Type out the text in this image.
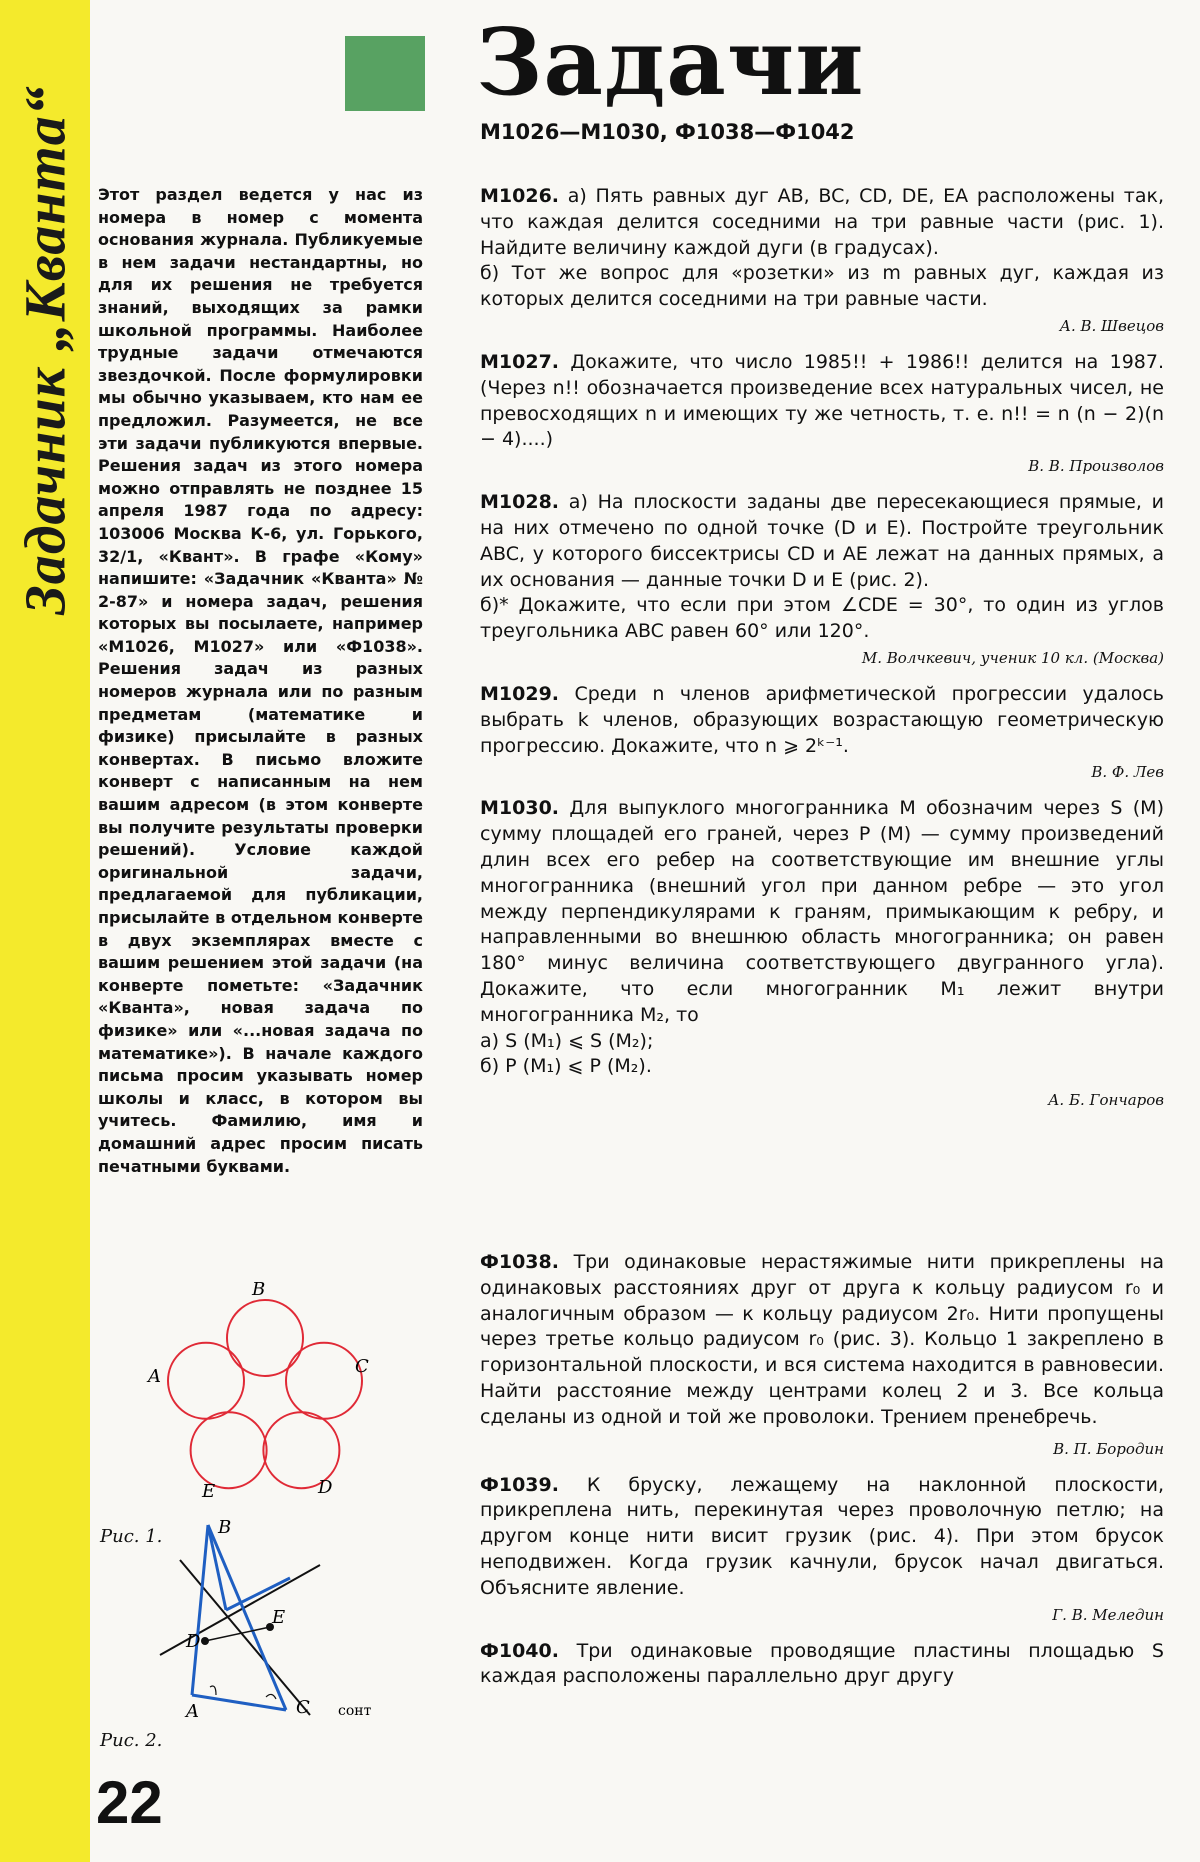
Задачник „Кванта“
22
Задачи
М1026—М1030, Ф1038—Ф1042

Этот раздел ведется у нас из номера в номер с момента основания журнала. Публикуемые в нем задачи нестандартны, но для их решения не требуется знаний, выходящих за рамки школьной программы. Наиболее трудные задачи отмечаются звездочкой. После формулировки мы обычно указываем, кто нам ее предложил. Разумеется, не все эти задачи публикуются впервые. Решения задач из этого номера можно отправлять не позднее 15 апреля 1987 года по адресу: 103006 Москва К-6, ул. Горького, 32/1, «Квант». В графе «Кому» напишите: «Задачник «Кванта» № 2-87» и номера задач, решения которых вы посылаете, например «М1026, М1027» или «Ф1038». Решения задач из разных номеров журнала или по разным предметам (математике и физике) присылайте в разных конвертах. В письмо вложите конверт с написанным на нем вашим адресом (в этом конверте вы получите результаты проверки решений). Условие каждой оригинальной задачи, предлагаемой для публикации, присылайте в отдельном конверте в двух экземплярах вместе с вашим решением этой задачи (на конверте пометьте: «Задачник «Кванта», новая задача по физике» или «...новая задача по математике»). В начале каждого письма просим указывать номер школы и класс, в котором вы учитесь. Фамилию, имя и домашний адрес просим писать печатными буквами.

B
C
A
D
E
Рис. 1.	B
E
D
A	C сонт
Рис. 2.

М1026. а) Пять равных дуг AB, BC, CD, DE, EA расположены так, что каждая делится соседними на три равные части (рис. 1). Найдите величину каждой дуги (в градусах).

б) Тот же вопрос для «розетки» из m равных дуг, каждая из которых делится соседними на три равные части.

А. В. Швецов

М1027. Докажите, что число 1985!! + 1986!! делится на 1987. (Через n!! обозначается произведение всех натуральных чисел, не превосходящих n и имеющих ту же четность, т. е. n!! = n (n − 2)(n − 4)....)

В. В. Произволов

М1028. а) На плоскости заданы две пересекающиеся прямые, и на них отмечено по одной точке (D и E). Постройте треугольник ABC, у которого биссектрисы CD и AE лежат на данных прямых, а их основания — данные точки D и E (рис. 2).

б)* Докажите, что если при этом ∠CDE = 30°, то один из углов треугольника ABC равен 60° или 120°.

М. Волчкевич, ученик 10 кл. (Москва)

М1029. Среди n членов арифметической прогрессии удалось выбрать k членов, образующих возрастающую геометрическую прогрессию. Докажите, что n ⩾ 2ᵏ⁻¹.

В. Ф. Лев

М1030. Для выпуклого многогранника M обозначим через S (M) сумму площадей его граней, через P (M) — сумму произведений длин всех его ребер на соответствующие им внешние углы многогранника (внешний угол при данном ребре — это угол между перпендикулярами к граням, примыкающим к ребру, и направленными во внешнюю область многогранника; он равен 180° минус величина соответствующего двугранного угла). Докажите, что если многогранник M₁ лежит внутри многогранника M₂, то

а) S (M₁) ⩽ S (M₂);

б) P (M₁) ⩽ P (M₂).

А. Б. Гончаров

Ф1038. Три одинаковые нерастяжимые нити прикреплены на одинаковых расстояниях друг от друга к кольцу радиусом r₀ и аналогичным образом — к кольцу радиусом 2r₀. Нити пропущены через третье кольцо радиусом r₀ (рис. 3). Кольцо 1 закреплено в горизонтальной плоскости, и вся система находится в равновесии. Найти расстояние между центрами колец 2 и 3. Все кольца сделаны из одной и той же проволоки. Трением пренебречь.

В. П. Бородин

Ф1039. К бруску, лежащему на наклонной плоскости, прикреплена нить, перекинутая через проволочную петлю; на другом конце нити висит грузик (рис. 4). При этом брусок неподвижен. Когда грузик качнули, брусок начал двигаться. Объясните явление.

Г. В. Меледин

Ф1040. Три одинаковые проводящие пластины площадью S каждая расположены параллельно друг другу
